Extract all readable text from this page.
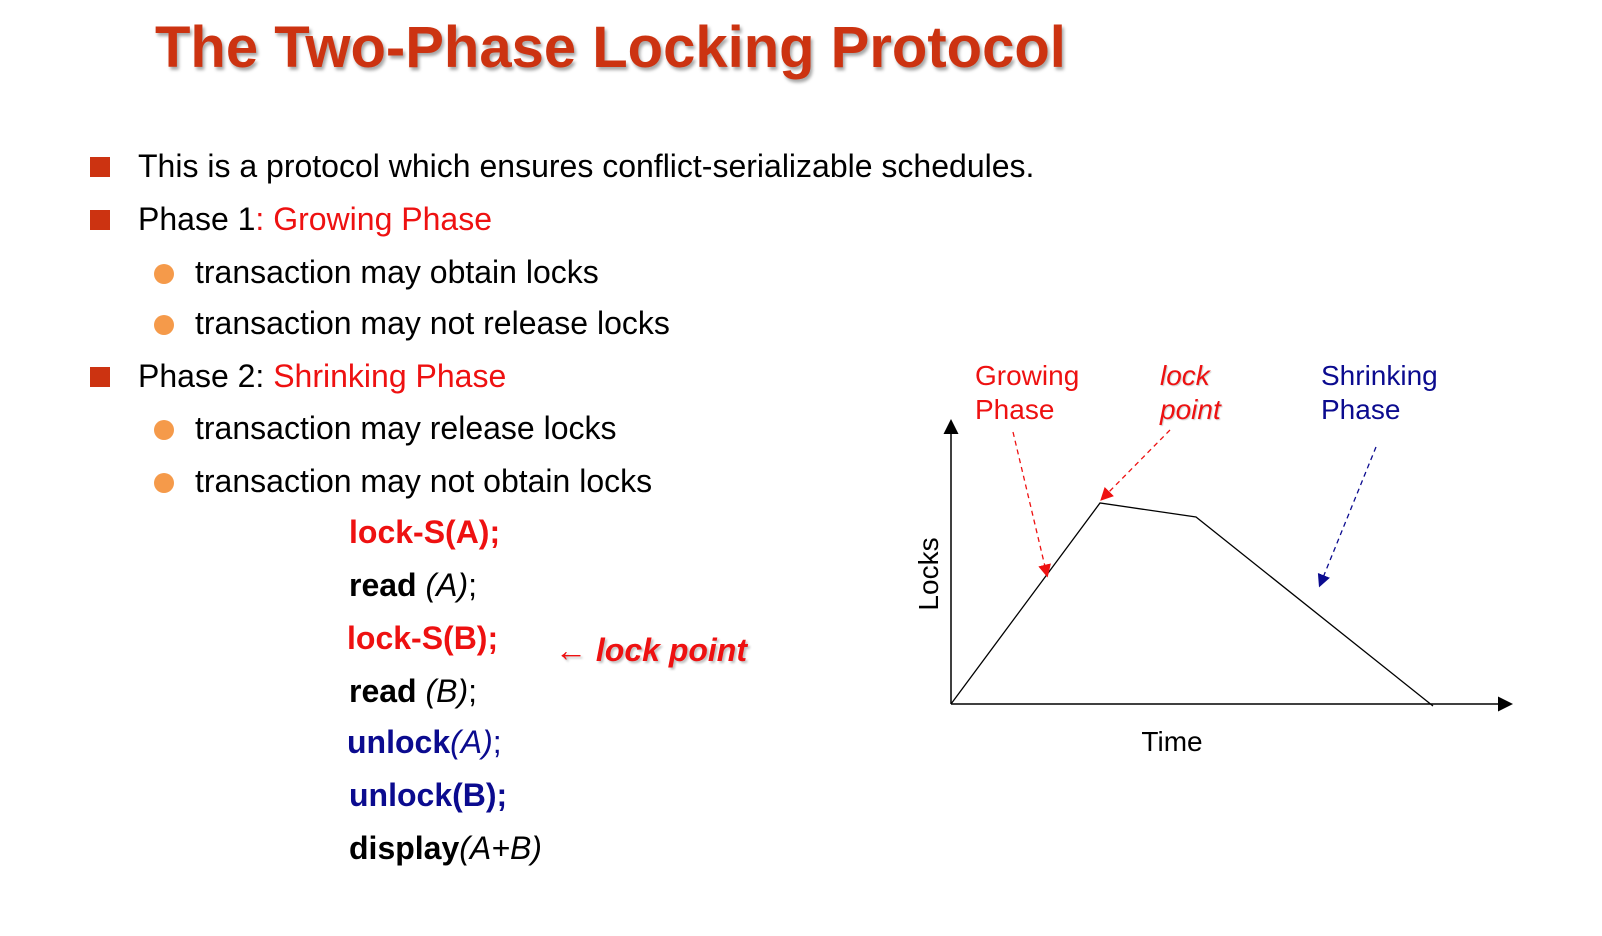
The Two-Phase Locking Protocol
This is a protocol which ensures conflict-serializable schedules.
Phase 1: Growing Phase
transaction may obtain locks
transaction may not release locks
Phase 2: Shrinking Phase
transaction may release locks
transaction may not obtain locks
lock-S(A);
read (A);
lock-S(B); ← lock point
read (B);
unlock(A);
unlock(B);
display(A+B)
Locks
Time
Growing
Phase
lock
point
Shrinking
Phase
